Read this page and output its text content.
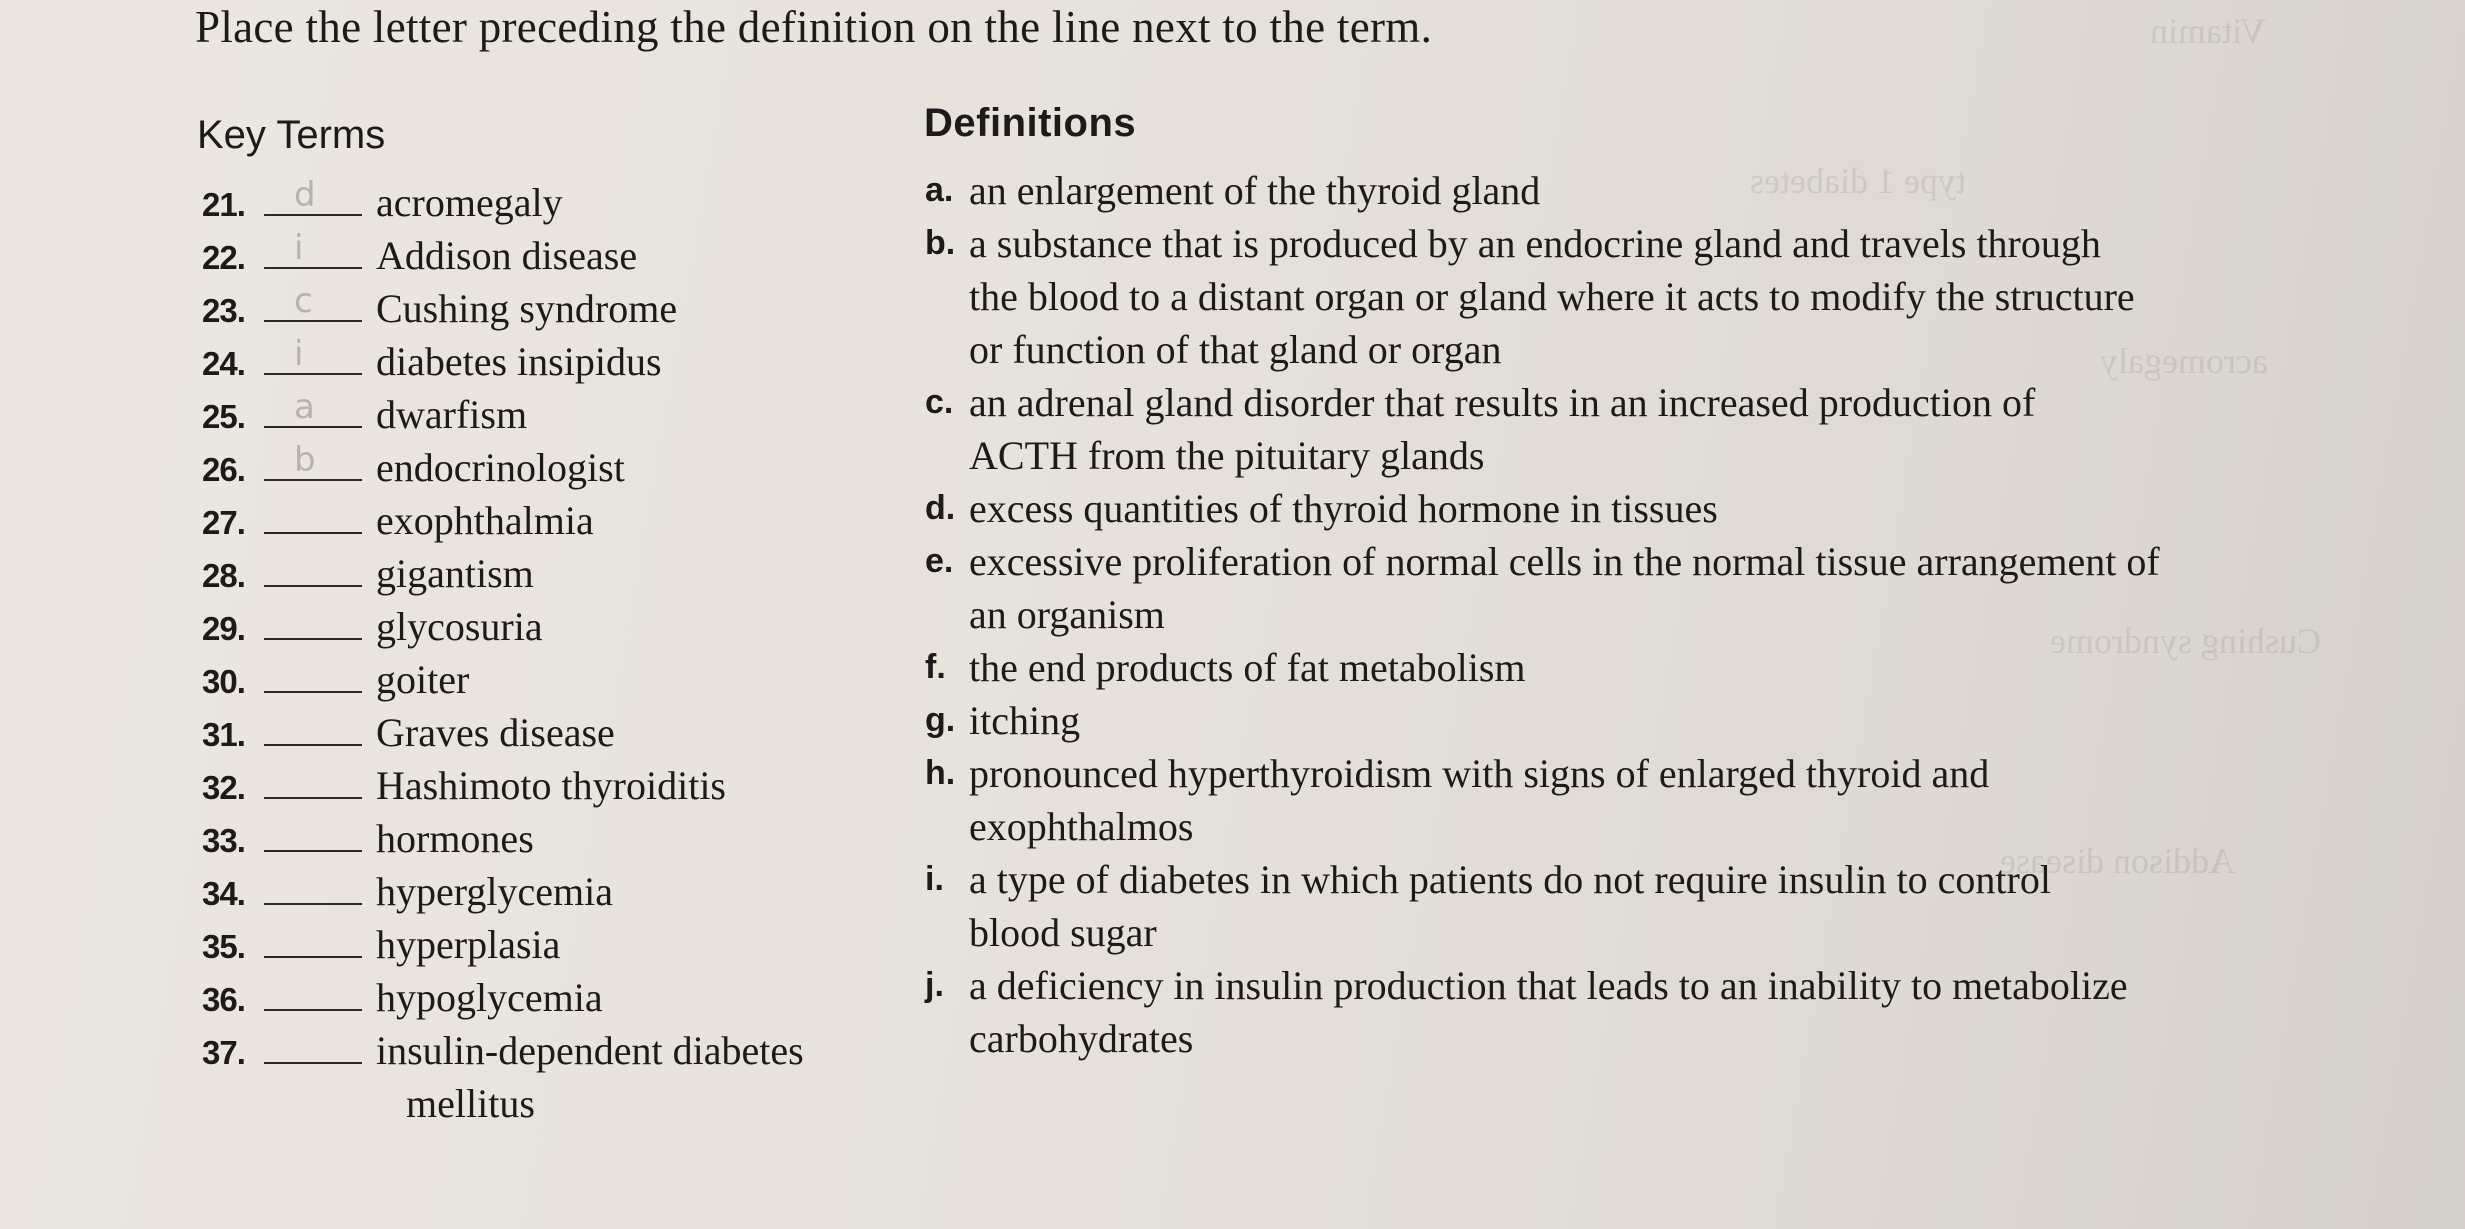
Vitamin
type 1 diabetes
acromegaly
Cushing syndrome
Addison disease
Place the letter preceding the definition on the line next to the term.
Key Terms	Definitions
21. d acromegaly
22. i Addison disease
23. c Cushing syndrome
24. i diabetes insipidus
25. a dwarfism
26. b endocrinologist
27.	exophthalmia
28.	gigantism
29.	glycosuria
30.	goiter
31.	Graves disease
32.	Hashimoto thyroiditis
33.	hormones
34.	hyperglycemia
35.	hyperplasia
36.	hypoglycemia
37.	insulin-dependent diabetes
mellitus
a. an enlargement of the thyroid gland
b. a substance that is produced by an endocrine gland and travels through
the blood to a distant organ or gland where it acts to modify the structure
or function of that gland or organ
c. an adrenal gland disorder that results in an increased production of
ACTH from the pituitary glands
d. excess quantities of thyroid hormone in tissues
e. excessive proliferation of normal cells in the normal tissue arrangement of
an organism
f. the end products of fat metabolism
g. itching
h. pronounced hyperthyroidism with signs of enlarged thyroid and
exophthalmos
i. a type of diabetes in which patients do not require insulin to control
blood sugar
j. a deficiency in insulin production that leads to an inability to metabolize
carbohydrates
